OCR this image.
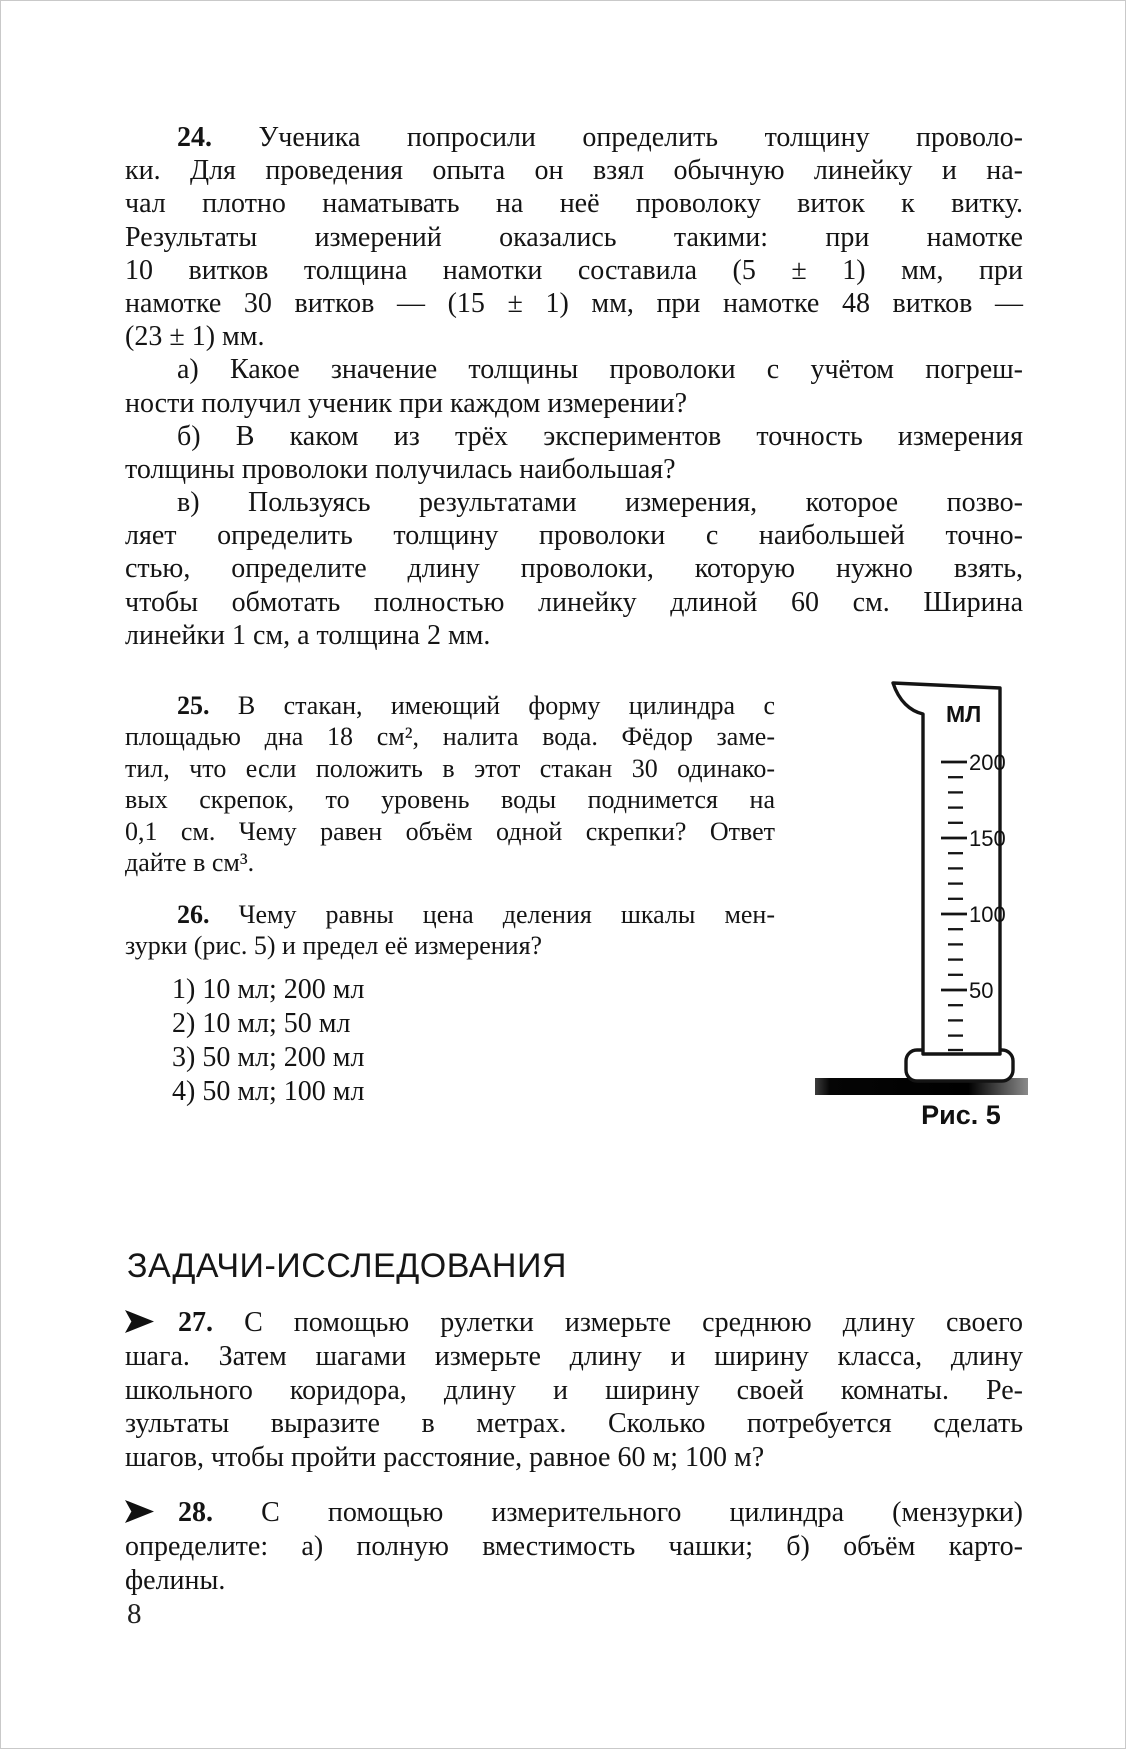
24. Ученика попросили определить толщину проволо-
ки. Для проведения опыта он взял обычную линейку и на-
чал плотно наматывать на неё проволоку виток к витку.
Результаты измерений оказались такими: при намотке
10 витков толщина намотки составила (5 ± 1) мм, при
намотке 30 витков — (15 ± 1) мм, при намотке 48 витков —
(23 ± 1) мм.
а) Какое значение толщины проволоки с учётом погреш-
ности получил ученик при каждом измерении?
б) В каком из трёх экспериментов точность измерения
толщины проволоки получилась наибольшая?
в) Пользуясь результатами измерения, которое позво-
ляет определить толщину проволоки с наибольшей точно-
стью, определите длину проволоки, которую нужно взять,
чтобы обмотать полностью линейку длиной 60 см. Ширина
линейки 1 см, а толщина 2 мм.
25. В стакан, имеющий форму цилиндра с
площадью дна 18 см², налита вода. Фёдор заме-
тил, что если положить в этот стакан 30 одинако-
вых скрепок, то уровень воды поднимется на
0,1 см. Чему равен объём одной скрепки? Ответ
дайте в см³.
26. Чему равны цена деления шкалы мен-
зурки (рис. 5) и предел её измерения?
1) 10 мл; 200 мл
2) 10 мл; 50 мл
3) 50 мл; 200 мл
4) 50 мл; 100 мл
МЛ
200
150
100
50
Рис. 5
ЗАДАЧИ-ИССЛЕДОВАНИЯ
27. С помощью рулетки измерьте среднюю длину своего
шага. Затем шагами измерьте длину и ширину класса, длину
школьного коридора, длину и ширину своей комнаты. Ре-
зультаты выразите в метрах. Сколько потребуется сделать
шагов, чтобы пройти расстояние, равное 60 м; 100 м?
28. С помощью измерительного цилиндра (мензурки)
определите: а) полную вместимость чашки; б) объём карто-
фелины.
8
